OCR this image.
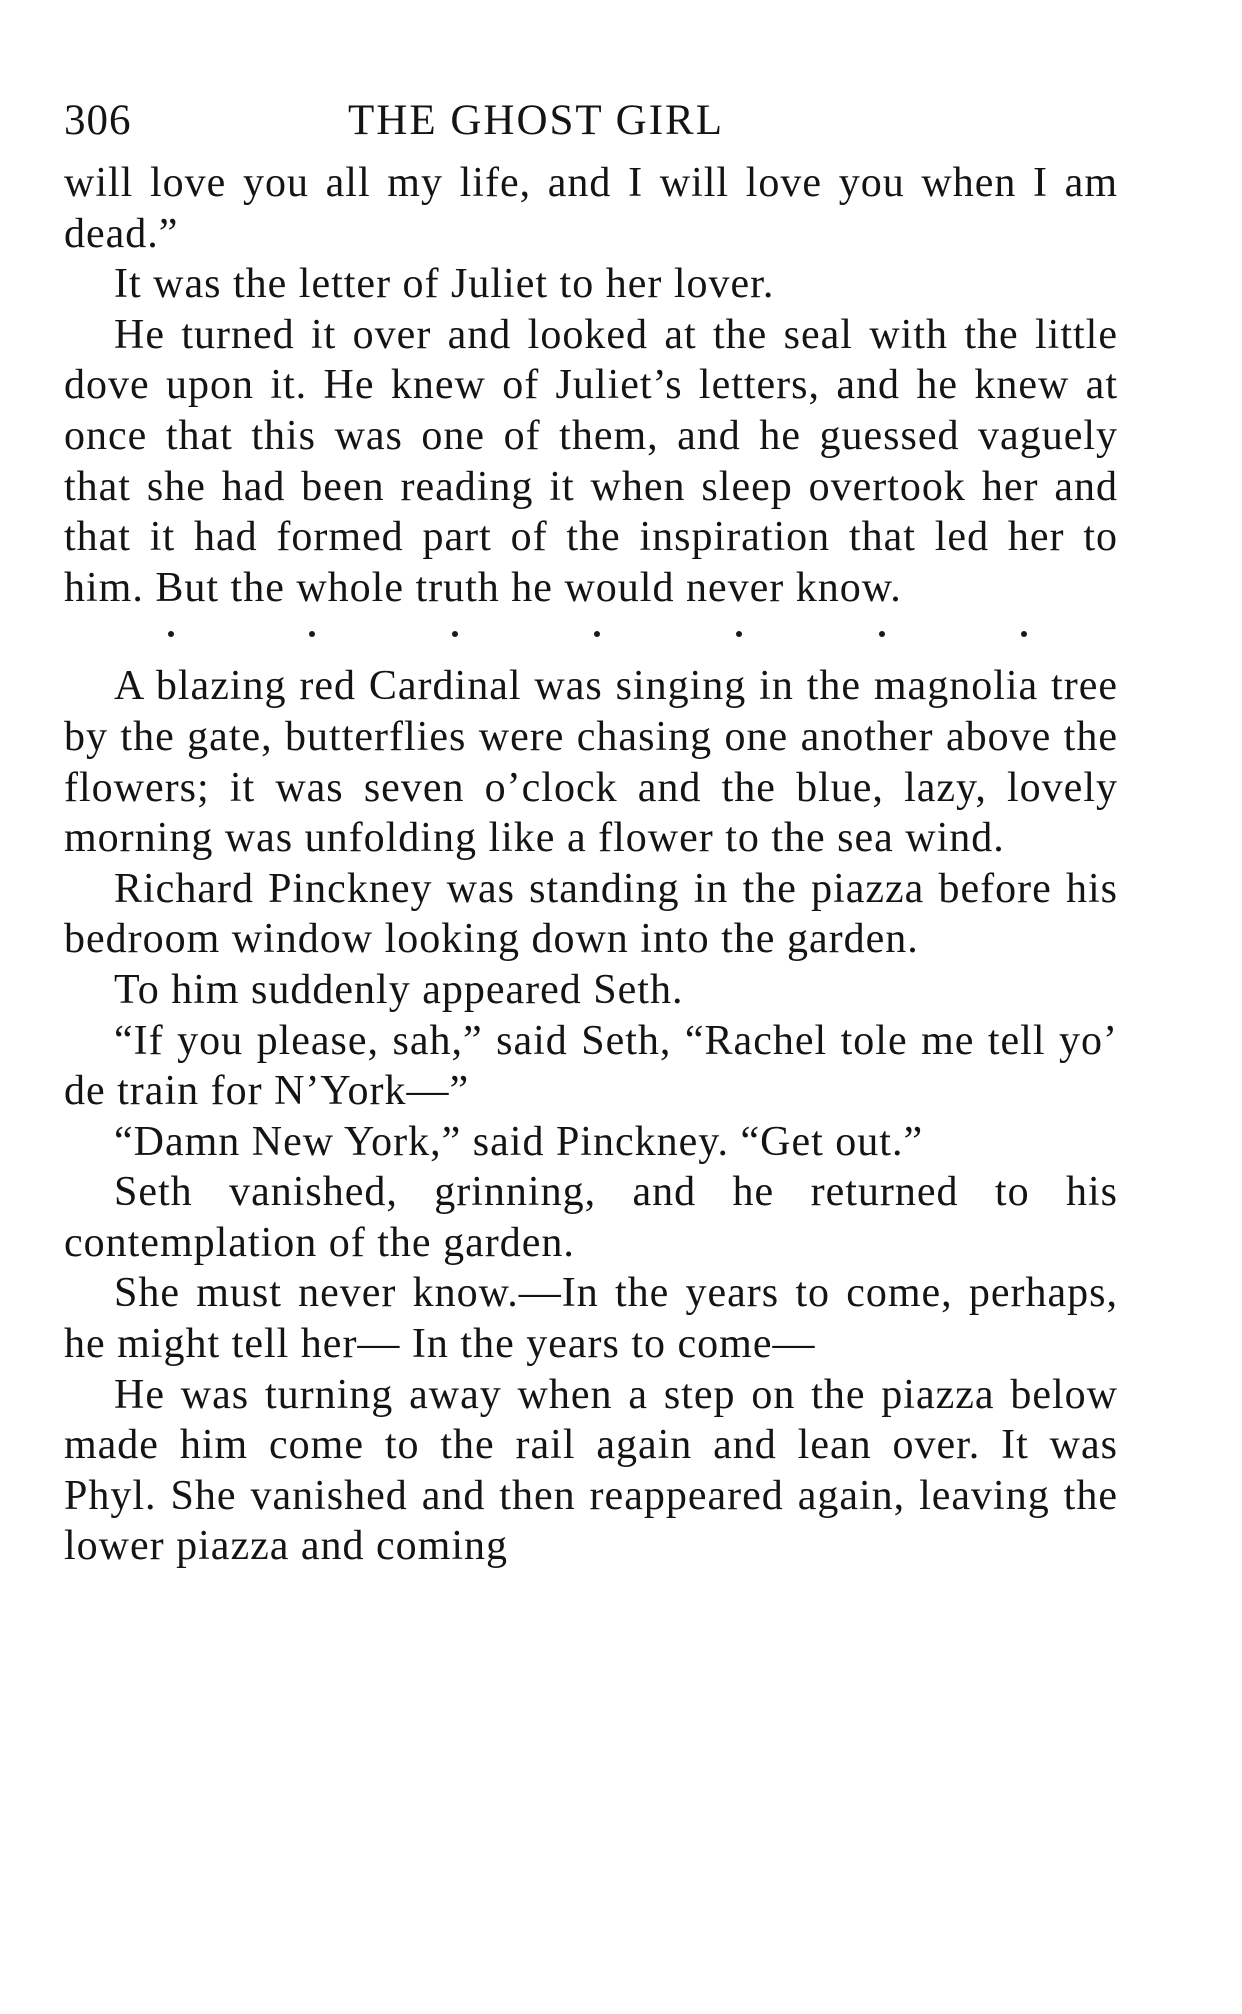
306	THE GHOST GIRL

will love you all my life, and I will love you when I am dead.”

It was the letter of Juliet to her lover.

He turned it over and looked at the seal with the little dove upon it. He knew of Juliet’s letters, and he knew at once that this was one of them, and he guessed vaguely that she had been reading it when sleep overtook her and that it had formed part of the inspiration that led her to him. But the whole truth he would never know.

A blazing red Cardinal was singing in the magnolia tree by the gate, butterflies were chasing one another above the flowers; it was seven o’clock and the blue, lazy, lovely morning was unfolding like a flower to the sea wind.

Richard Pinckney was standing in the piazza before his bedroom window looking down into the garden.

To him suddenly appeared Seth.

“If you please, sah,” said Seth, “Rachel tole me tell yo’ de train for N’York—”

“Damn New York,” said Pinckney. “Get out.”

Seth vanished, grinning, and he returned to his contemplation of the garden.

She must never know.—In the years to come, perhaps, he might tell her— In the years to come—

He was turning away when a step on the piazza below made him come to the rail again and lean over. It was Phyl. She vanished and then reappeared again, leaving the lower piazza and coming
